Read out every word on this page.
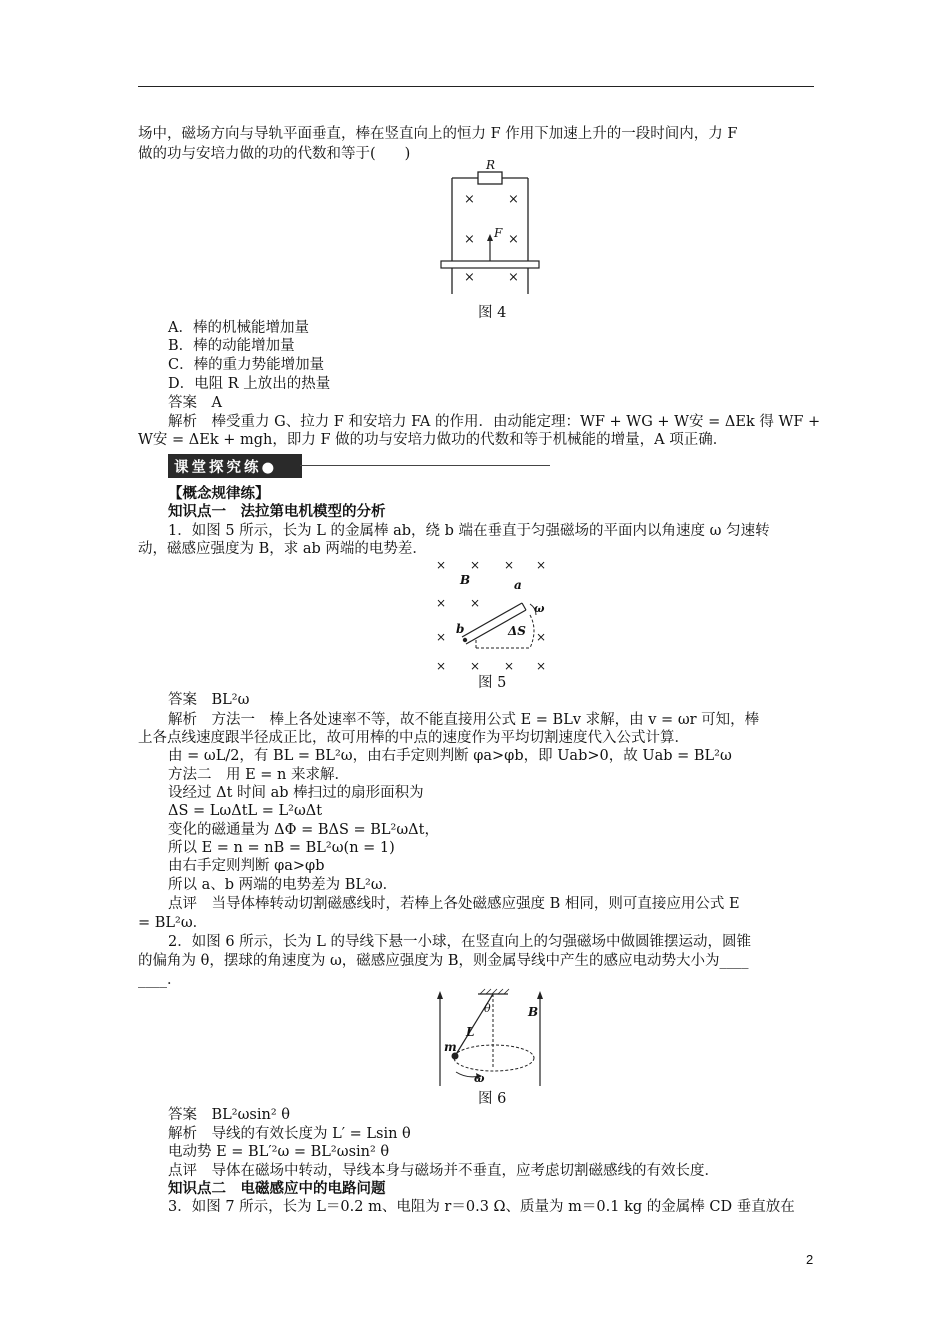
场中，磁场方向与导轨平面垂直，棒在竖直向上的恒力 F 作用下加速上升的一段时间内，力 F
做的功与安培力做的功的代数和等于(　　)
R
F
×	×
×	×
×	×
图 4
A．棒的机械能增加量
B．棒的动能增加量
C．棒的重力势能增加量
D．电阻 R 上放出的热量
答案　A
解析　棒受重力 G、拉力 F 和安培力 FA 的作用．由动能定理：WF + WG + W安 = ΔEk 得 WF +
W安 = ΔEk + mgh，即力 F 做的功与安培力做功的代数和等于机械能的增量，A 项正确．
课堂探究练●
【概念规律练】
知识点一　法拉第电机模型的分析
1．如图 5 所示，长为 L 的金属棒 ab，绕 b 端在垂直于匀强磁场的平面内以角速度 ω 匀速转
动，磁感应强度为 B，求 ab 两端的电势差．
B	a
b
ω
ΔS
× × × ×
× ×
×	×
× × × ×
图 5
答案　BL²ω
解析　方法一　棒上各处速率不等，故不能直接用公式 E = BLv 求解，由 v = ωr 可知，棒
上各点线速度跟半径成正比，故可用棒的中点的速度作为平均切割速度代入公式计算．
由 = ωL/2，有 BL = BL²ω，由右手定则判断 φa>φb，即 Uab>0，故 Uab = BL²ω
方法二　用 E = n 来求解．
设经过 Δt 时间 ab 棒扫过的扇形面积为
ΔS = LωΔtL = L²ωΔt
变化的磁通量为 ΔΦ = BΔS = BL²ωΔt，
所以 E = n = nB = BL²ω(n = 1)
由右手定则判断 φa>φb
所以 a、b 两端的电势差为 BL²ω．
点评　当导体棒转动切割磁感线时，若棒上各处磁感应强度 B 相同，则可直接应用公式 E
= BL²ω．
2．如图 6 所示，长为 L 的导线下悬一小球，在竖直向上的匀强磁场中做圆锥摆运动，圆锥
的偏角为 θ，摆球的角速度为 ω，磁感应强度为 B，则金属导线中产生的感应电动势大小为____
____．
L
θ	B
m
ω
图 6
答案　BL²ωsin² θ
解析　导线的有效长度为 L′ = Lsin θ
电动势 E = BL′²ω = BL²ωsin² θ
点评　导体在磁场中转动，导线本身与磁场并不垂直，应考虑切割磁感线的有效长度．
知识点二　电磁感应中的电路问题
3．如图 7 所示，长为 L＝0.2 m、电阻为 r＝0.3 Ω、质量为 m＝0.1 kg 的金属棒 CD 垂直放在
2
